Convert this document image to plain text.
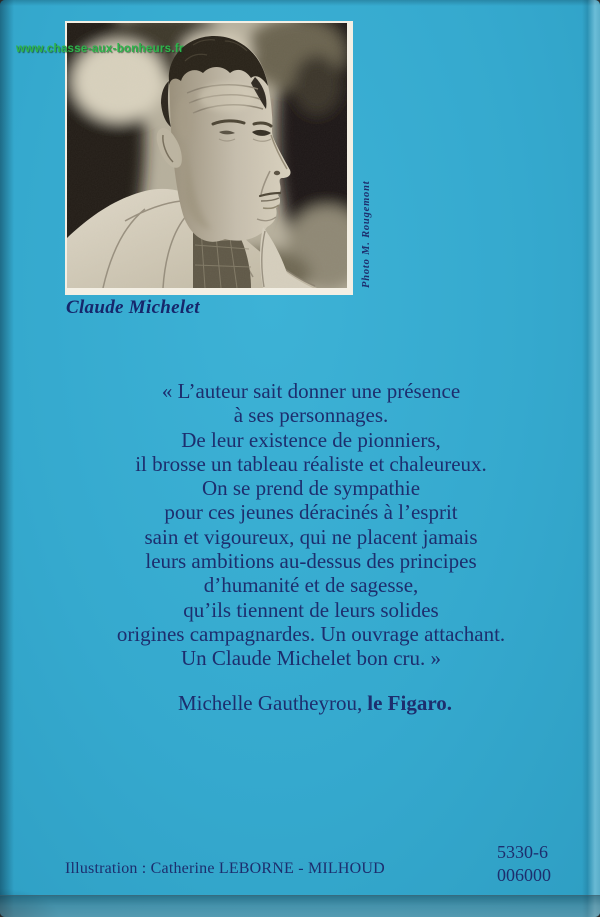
www.chasse-aux-bonheurs.fr
Photo M. Rougemont
Claude Michelet
« L’auteur sait donner une présence
à ses personnages.
De leur existence de pionniers,
il brosse un tableau réaliste et chaleureux.
On se prend de sympathie
pour ces jeunes déracinés à l’esprit
sain et vigoureux, qui ne placent jamais
leurs ambitions au-dessus des principes
d’humanité et de sagesse,
qu’ils tiennent de leurs solides
origines campagnardes. Un ouvrage attachant.
Un Claude Michelet bon cru. »
Michelle Gautheyrou, le Figaro.
Illustration : Catherine LEBORNE - MILHOUD
5330-6
006000
